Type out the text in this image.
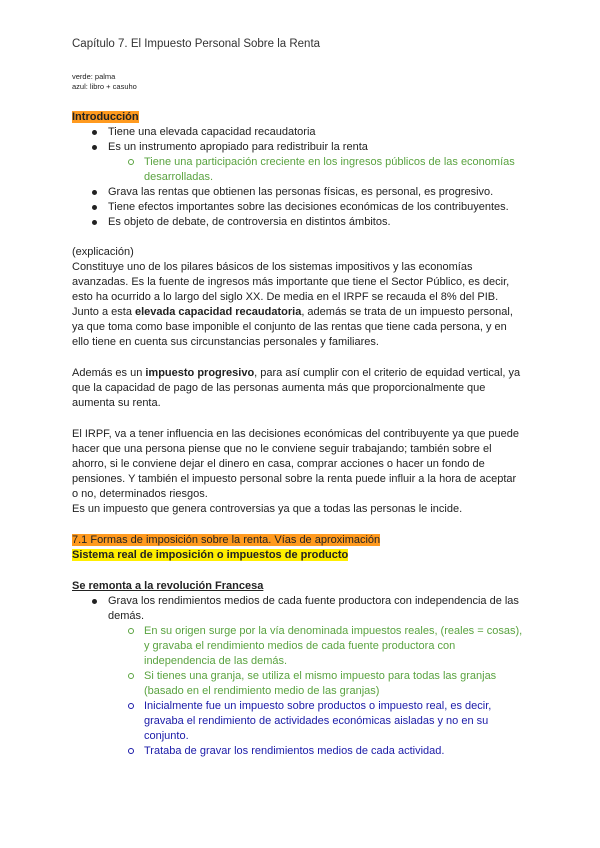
Capítulo 7. El Impuesto Personal Sobre la Renta
verde: palma
azul: libro + casuho
Introducción
Tiene una elevada capacidad recaudatoria
Es un instrumento apropiado para redistribuir la renta
Tiene una participación creciente en los ingresos públicos de las economías
desarrolladas.
Grava las rentas que obtienen las personas físicas, es personal, es progresivo.
Tiene efectos importantes sobre las decisiones económicas de los contribuyentes.
Es objeto de debate, de controversia en distintos ámbitos.
(explicación)
Constituye uno de los pilares básicos de los sistemas impositivos y las economías
avanzadas. Es la fuente de ingresos más importante que tiene el Sector Público, es decir,
esto ha ocurrido a lo largo del siglo XX. De media en el IRPF se recauda el 8% del PIB.
Junto a esta elevada capacidad recaudatoria, además se trata de un impuesto personal,
ya que toma como base imponible el conjunto de las rentas que tiene cada persona, y en
ello tiene en cuenta sus circunstancias personales y familiares.
Además es un impuesto progresivo, para así cumplir con el criterio de equidad vertical, ya
que la capacidad de pago de las personas aumenta más que proporcionalmente que
aumenta su renta.
El IRPF, va a tener influencia en las decisiones económicas del contribuyente ya que puede
hacer que una persona piense que no le conviene seguir trabajando; también sobre el
ahorro, si le conviene dejar el dinero en casa, comprar acciones o hacer un fondo de
pensiones. Y también el impuesto personal sobre la renta puede influir a la hora de aceptar
o no, determinados riesgos.
Es un impuesto que genera controversias ya que a todas las personas le incide.
7.1 Formas de imposición sobre la renta. Vías de aproximación
Sistema real de imposición o impuestos de producto
Se remonta a la revolución Francesa
Grava los rendimientos medios de cada fuente productora con independencia de las
demás.
En su origen surge por la vía denominada impuestos reales, (reales = cosas),
y gravaba el rendimiento medios de cada fuente productora con
independencia de las demás.
Si tienes una granja, se utiliza el mismo impuesto para todas las granjas
(basado en el rendimiento medio de las granjas)
Inicialmente fue un impuesto sobre productos o impuesto real, es decir,
gravaba el rendimiento de actividades económicas aisladas y no en su
conjunto.
Trataba de gravar los rendimientos medios de cada actividad.
